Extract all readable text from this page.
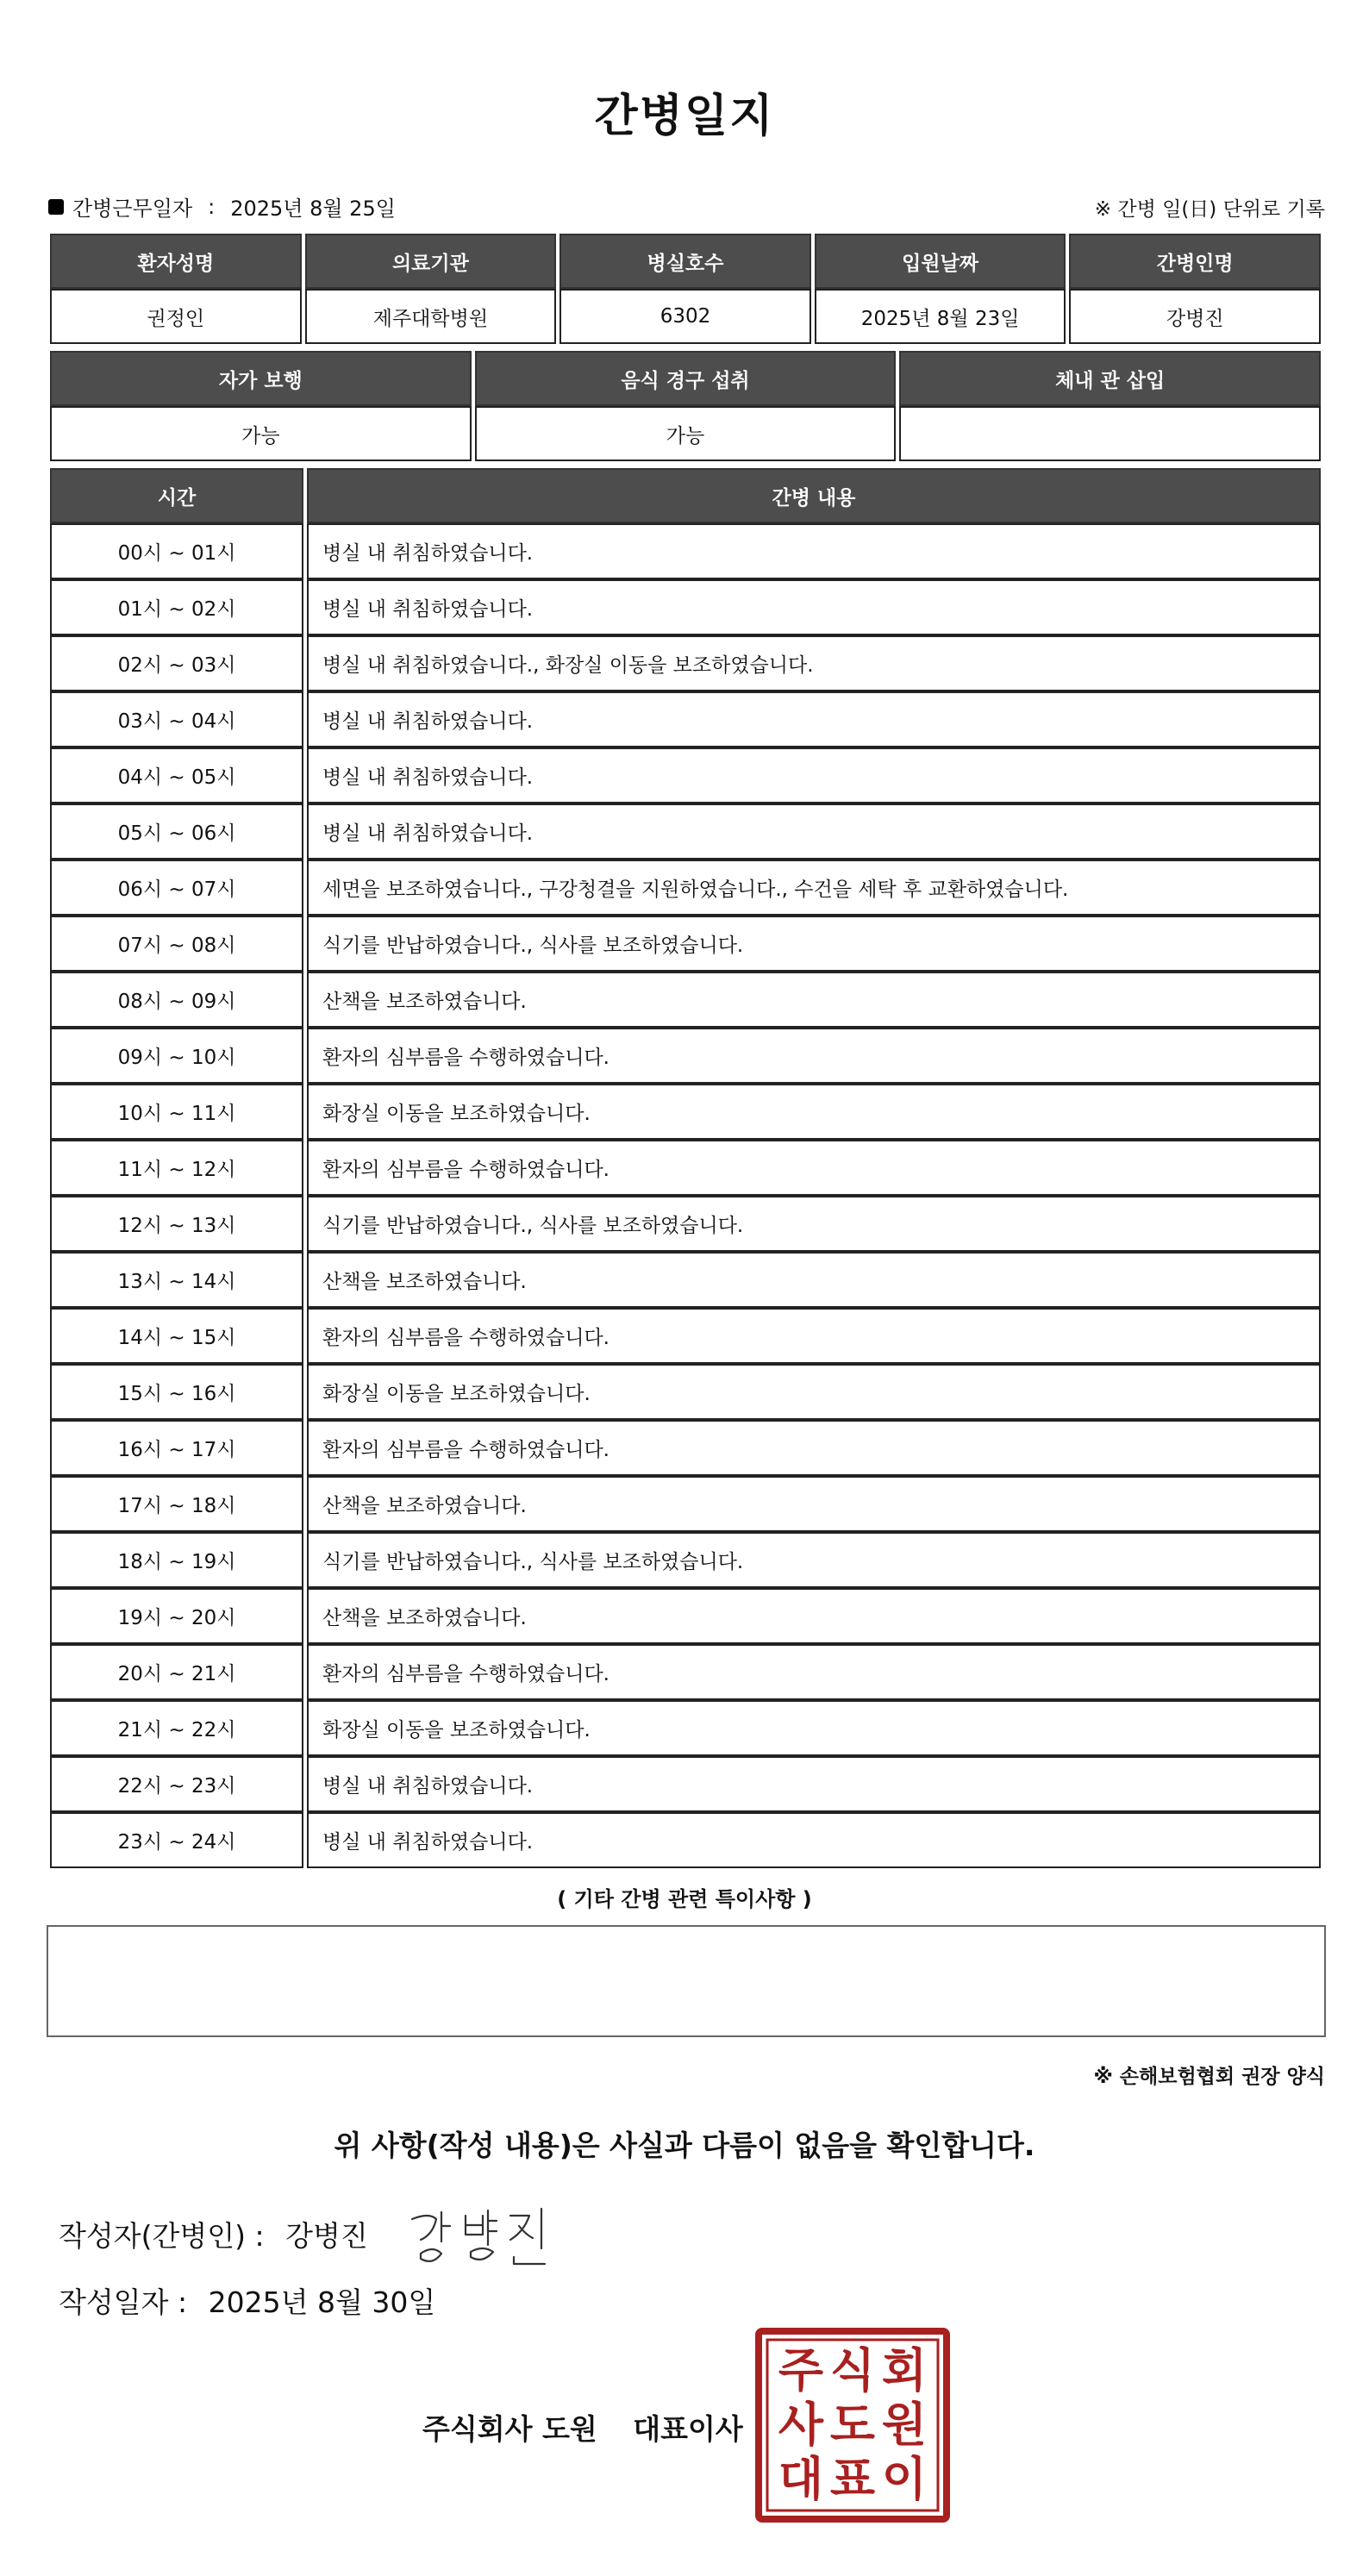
간병일지
간병근무일자 : 2025년 8월 25일	※ 간병 일(日) 단위로 기록
환자성명	의료기관	병실호수	입원날짜	간병인명
권정인	제주대학병원	6302	2025년 8월 23일	강병진
자가 보행	음식 경구 섭취	체내 관 삽입
가능	가능	
시간	간병 내용
00시 ~ 01시	병실 내 취침하였습니다.
01시 ~ 02시	병실 내 취침하였습니다.
02시 ~ 03시	병실 내 취침하였습니다., 화장실 이동을 보조하였습니다.
03시 ~ 04시	병실 내 취침하였습니다.
04시 ~ 05시	병실 내 취침하였습니다.
05시 ~ 06시	병실 내 취침하였습니다.
06시 ~ 07시	세면을 보조하였습니다., 구강청결을 지원하였습니다., 수건을 세탁 후 교환하였습니다.
07시 ~ 08시	식기를 반납하였습니다., 식사를 보조하였습니다.
08시 ~ 09시	산책을 보조하였습니다.
09시 ~ 10시	환자의 심부름을 수행하였습니다.
10시 ~ 11시	화장실 이동을 보조하였습니다.
11시 ~ 12시	환자의 심부름을 수행하였습니다.
12시 ~ 13시	식기를 반납하였습니다., 식사를 보조하였습니다.
13시 ~ 14시	산책을 보조하였습니다.
14시 ~ 15시	환자의 심부름을 수행하였습니다.
15시 ~ 16시	화장실 이동을 보조하였습니다.
16시 ~ 17시	환자의 심부름을 수행하였습니다.
17시 ~ 18시	산책을 보조하였습니다.
18시 ~ 19시	식기를 반납하였습니다., 식사를 보조하였습니다.
19시 ~ 20시	산책을 보조하였습니다.
20시 ~ 21시	환자의 심부름을 수행하였습니다.
21시 ~ 22시	화장실 이동을 보조하였습니다.
22시 ~ 23시	병실 내 취침하였습니다.
23시 ~ 24시	병실 내 취침하였습니다.
( 기타 간병 관련 특이사항 )
※ 손해보험협회 권장 양식
위 사항(작성 내용)은 사실과 다름이 없음을 확인합니다.
작성자(간병인) : 강병진
작성일자 : 2025년 8월 30일
주식회사 도원 대표이사
주 식 회
사 도 원
대 표 이
